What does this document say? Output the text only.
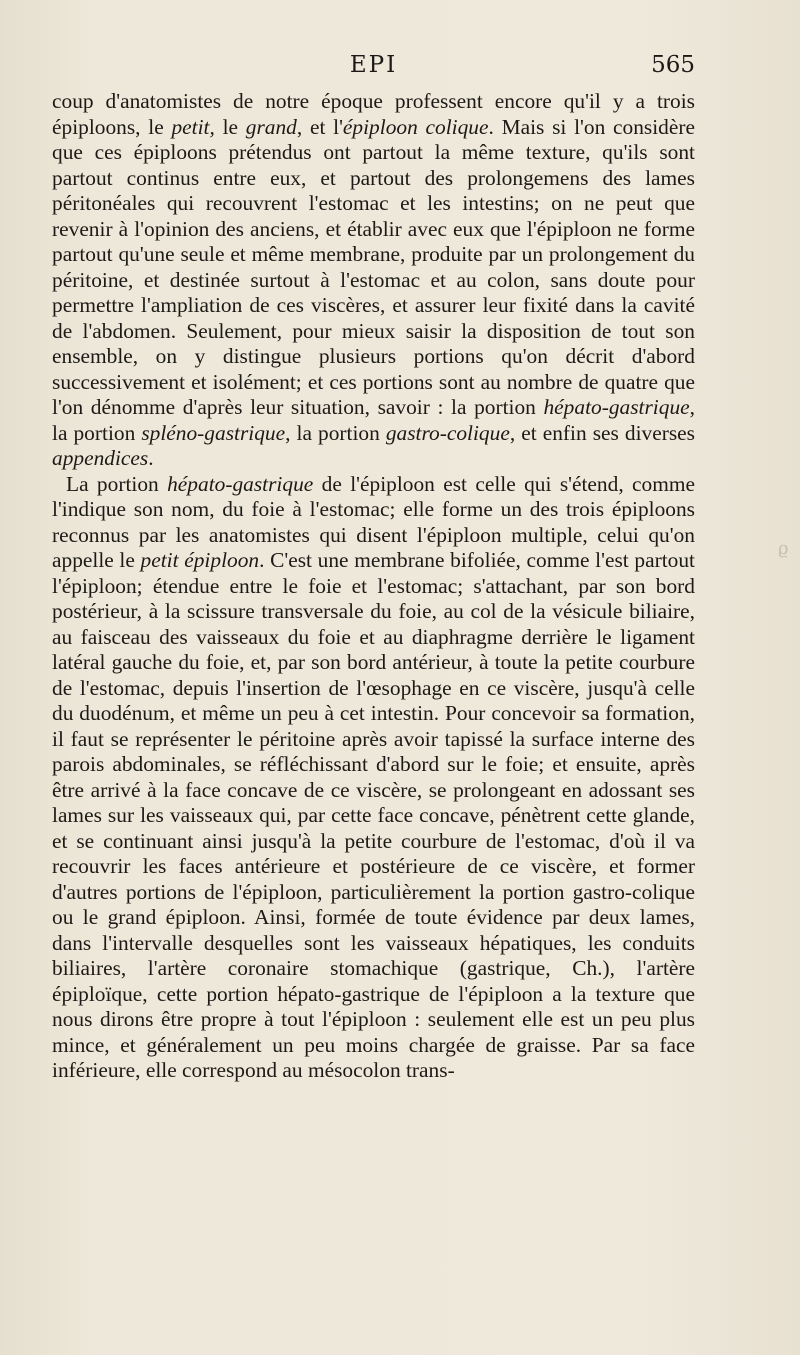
EPI	565

coup d'anatomistes de notre époque professent encore qu'il y a trois épiploons, le petit, le grand, et l'épiploon colique. Mais si l'on considère que ces épiploons prétendus ont partout la même texture, qu'ils sont partout continus entre eux, et partout des prolongemens des lames péritonéales qui recouvrent l'estomac et les intestins; on ne peut que revenir à l'opinion des anciens, et établir avec eux que l'épiploon ne forme partout qu'une seule et même membrane, produite par un prolongement du péritoine, et destinée surtout à l'estomac et au colon, sans doute pour permettre l'ampliation de ces viscères, et assurer leur fixité dans la cavité de l'abdomen. Seulement, pour mieux saisir la disposition de tout son ensemble, on y distingue plusieurs portions qu'on décrit d'abord successivement et isolément; et ces portions sont au nombre de quatre que l'on dénomme d'après leur situation, savoir : la portion hépato-gastrique, la portion spléno-gastrique, la portion gastro-colique, et enfin ses diverses appendices.

La portion hépato-gastrique de l'épiploon est celle qui s'étend, comme l'indique son nom, du foie à l'estomac; elle forme un des trois épiploons reconnus par les anatomistes qui disent l'épiploon multiple, celui qu'on appelle le petit épiploon. C'est une membrane bifoliée, comme l'est partout l'épiploon; étendue entre le foie et l'estomac; s'attachant, par son bord postérieur, à la scissure transversale du foie, au col de la vésicule biliaire, au faisceau des vaisseaux du foie et au diaphragme derrière le ligament latéral gauche du foie, et, par son bord antérieur, à toute la petite courbure de l'estomac, depuis l'insertion de l'œsophage en ce viscère, jusqu'à celle du duodénum, et même un peu à cet intestin. Pour concevoir sa formation, il faut se représenter le péritoine après avoir tapissé la surface interne des parois abdominales, se réfléchissant d'abord sur le foie; et ensuite, après être arrivé à la face concave de ce viscère, se prolongeant en adossant ses lames sur les vaisseaux qui, par cette face concave, pénètrent cette glande, et se continuant ainsi jusqu'à la petite courbure de l'estomac, d'où il va recouvrir les faces antérieure et postérieure de ce viscère, et former d'autres portions de l'épiploon, particulièrement la portion gastro-colique ou le grand épiploon. Ainsi, formée de toute évidence par deux lames, dans l'intervalle desquelles sont les vaisseaux hépatiques, les conduits biliaires, l'artère coronaire stomachique (gastrique, Ch.), l'artère épiploïque, cette portion hépato-gastrique de l'épiploon a la texture que nous dirons être propre à tout l'épiploon : seulement elle est un peu plus mince, et généralement un peu moins chargée de graisse. Par sa face inférieure, elle correspond au mésocolon trans-

ϱ
